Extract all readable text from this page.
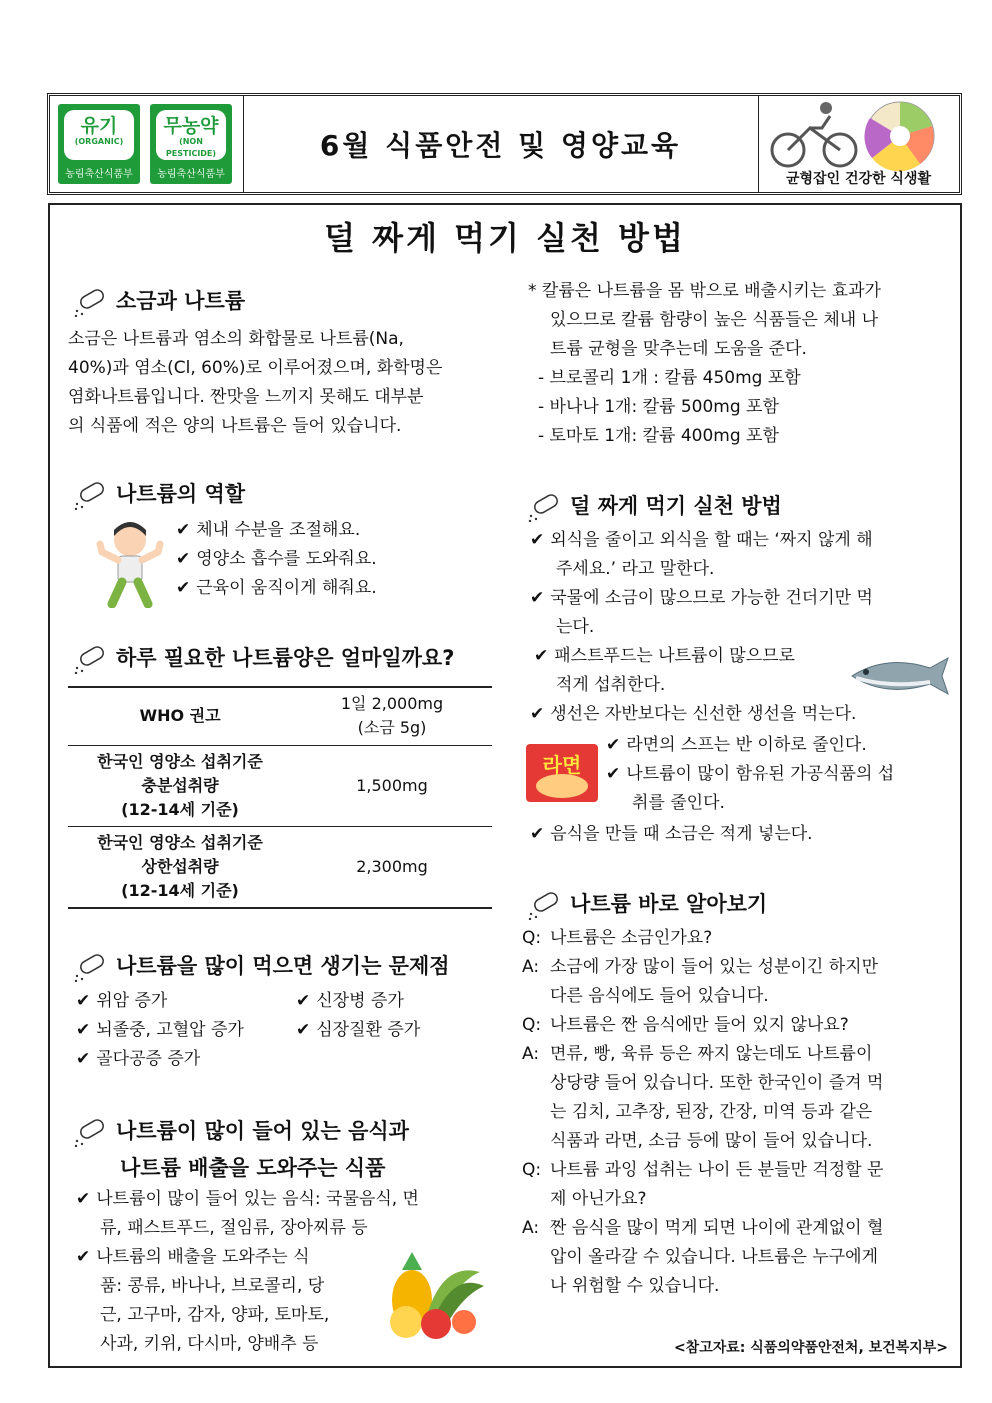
유기
(ORGANIC)
농림축산식품부
무농약
(NON PESTICIDE)
농림축산식품부
6월 식품안전 및 영양교육
균형잡인 건강한 식생활
덜 짜게 먹기 실천 방법
소금과 나트륨
소금은 나트륨과 염소의 화합물로 나트륨(Na,
40%)과 염소(Cl, 60%)로 이루어졌으며, 화학명은
염화나트륨입니다. 짠맛을 느끼지 못해도 대부분
의 식품에 적은 양의 나트륨은 들어 있습니다.
나트륨의 역할
✔ 체내 수분을 조절해요.
✔ 영양소 흡수를 도와줘요.
✔ 근육이 움직이게 해줘요.
하루 필요한 나트륨양은 얼마일까요?
WHO 권고	1일 2,000mg
(소금 5g)

한국인 영양소 섭취기준
충분섭취량
(12-14세 기준)	1,500mg

한국인 영양소 섭취기준
상한섭취량
(12-14세 기준)	2,300mg
나트륨을 많이 먹으면 생기는 문제점
✔ 위암 증가	✔ 신장병 증가
✔ 뇌졸중, 고혈압 증가	✔ 심장질환 증가
✔ 골다공증 증가
나트륨이 많이 들어 있는 음식과
나트륨 배출을 도와주는 식품
✔ 나트륨이 많이 들어 있는 음식: 국물음식, 면
류, 패스트푸드, 절임류, 장아찌류 등
✔ 나트륨의 배출을 도와주는 식
품: 콩류, 바나나, 브로콜리, 당
근, 고구마, 감자, 양파, 토마토,
사과, 키위, 다시마, 양배추 등
* 칼륨은 나트륨을 몸 밖으로 배출시키는 효과가
있으므로 칼륨 함량이 높은 식품들은 체내 나
트륨 균형을 맞추는데 도움을 준다.
- 브로콜리 1개 : 칼륨 450mg 포함
- 바나나 1개: 칼륨 500mg 포함
- 토마토 1개: 칼륨 400mg 포함
덜 짜게 먹기 실천 방법
✔ 외식을 줄이고 외식을 할 때는 ‘짜지 않게 해
주세요.’ 라고 말한다.
✔ 국물에 소금이 많으므로 가능한 건더기만 먹
는다.
✔ 패스트푸드는 나트륨이 많으므로
적게 섭취한다.
✔ 생선은 자반보다는 신선한 생선을 먹는다.
라면
✔ 라면의 스프는 반 이하로 줄인다.
✔ 나트륨이 많이 함유된 가공식품의 섭
취를 줄인다.
✔ 음식을 만들 때 소금은 적게 넣는다.
나트륨 바로 알아보기
Q: 나트륨은 소금인가요?
A: 소금에 가장 많이 들어 있는 성분이긴 하지만
다른 음식에도 들어 있습니다.
Q: 나트륨은 짠 음식에만 들어 있지 않나요?
A: 면류, 빵, 육류 등은 짜지 않는데도 나트륨이
상당량 들어 있습니다. 또한 한국인이 즐겨 먹
는 김치, 고추장, 된장, 간장, 미역 등과 같은
식품과 라면, 소금 등에 많이 들어 있습니다.
Q: 나트륨 과잉 섭취는 나이 든 분들만 걱정할 문
제 아닌가요?
A: 짠 음식을 많이 먹게 되면 나이에 관계없이 혈
압이 올라갈 수 있습니다. 나트륨은 누구에게
나 위험할 수 있습니다.
<참고자료: 식품의약품안전처, 보건복지부>
